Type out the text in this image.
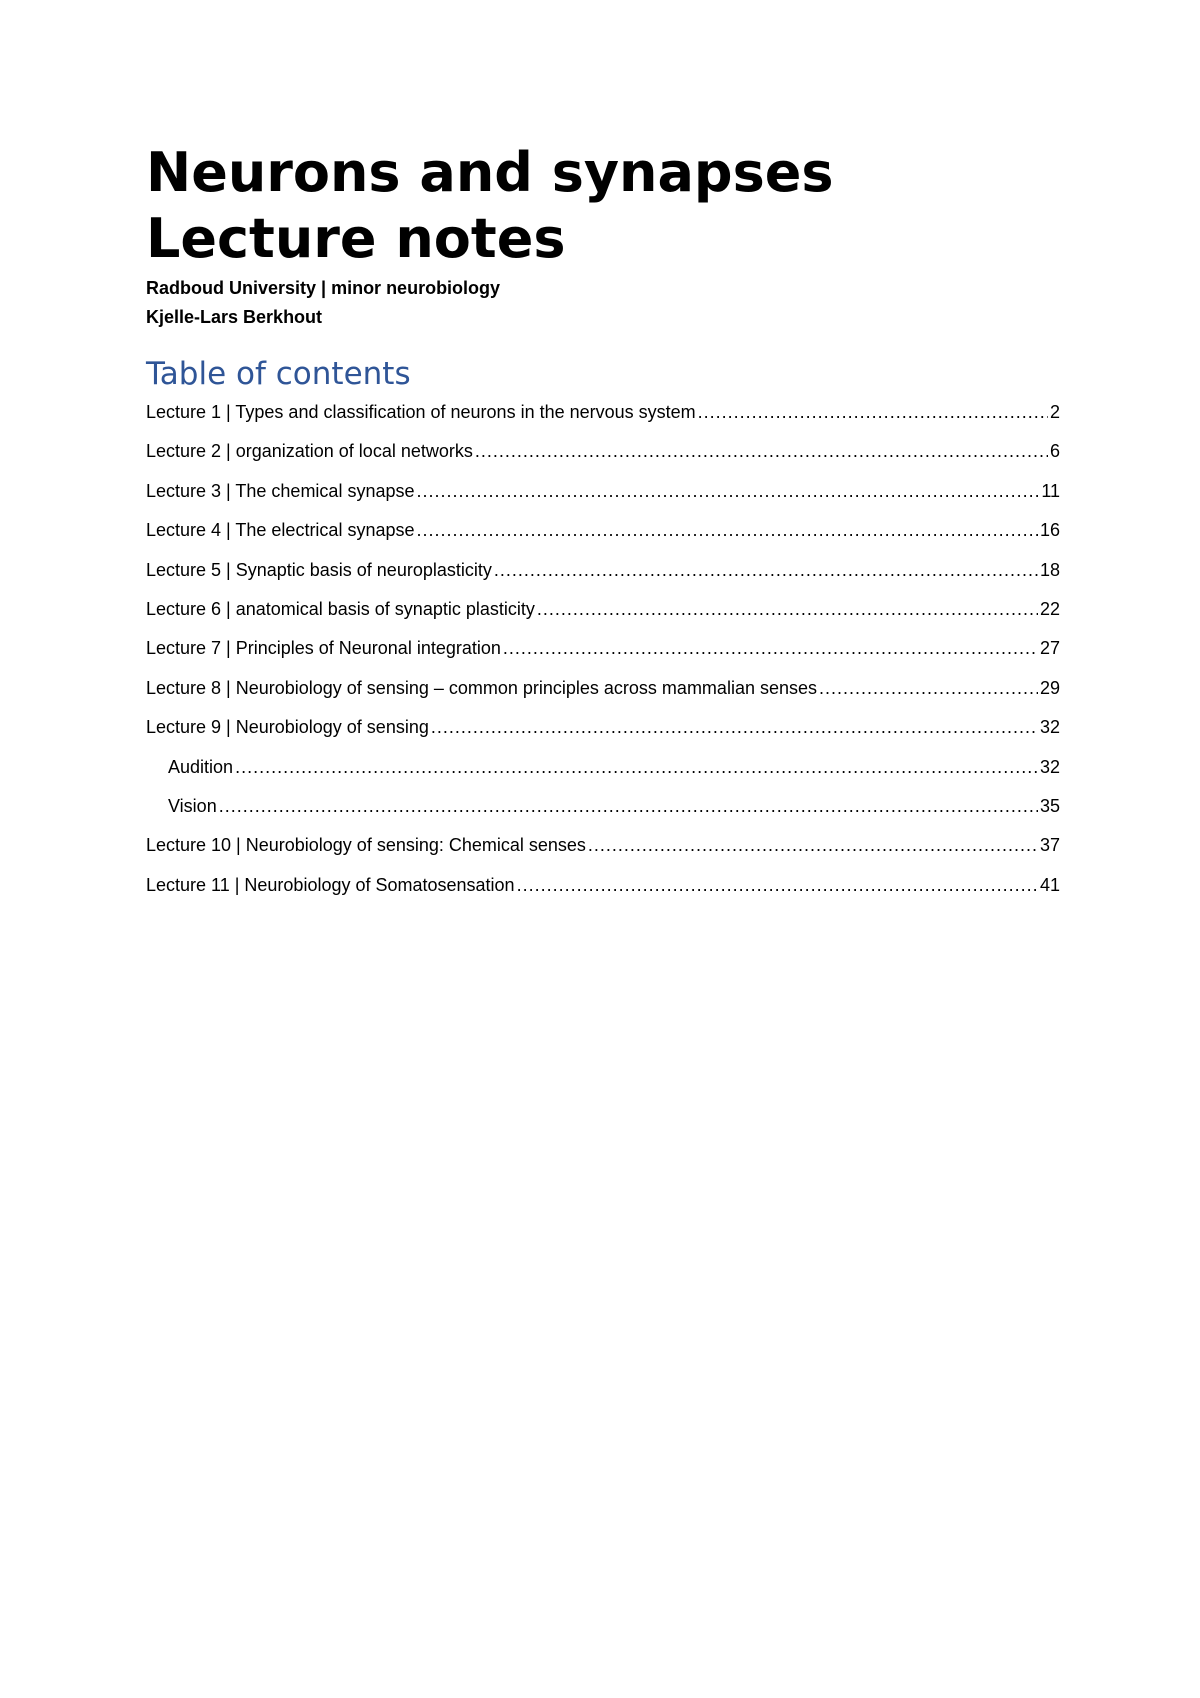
Neurons and synapses
Lecture notes

Radboud University | minor neurobiology

Kjelle-Lars Berkhout

Table of contents
Lecture 1 | Types and classification of neurons in the nervous system .....	2
Lecture 2 | organization of local networks .....	6
Lecture 3 | The chemical synapse .....	11
Lecture 4 | The electrical synapse .....	16
Lecture 5 | Synaptic basis of neuroplasticity .....	18
Lecture 6 | anatomical basis of synaptic plasticity .....	22
Lecture 7 | Principles of Neuronal integration .....	27
Lecture 8 | Neurobiology of sensing – common principles across mammalian senses .....	29
Lecture 9 | Neurobiology of sensing .....	32
Audition .....	32
Vision .....	35
Lecture 10 | Neurobiology of sensing: Chemical senses .....	37
Lecture 11 | Neurobiology of Somatosensation .....	41
